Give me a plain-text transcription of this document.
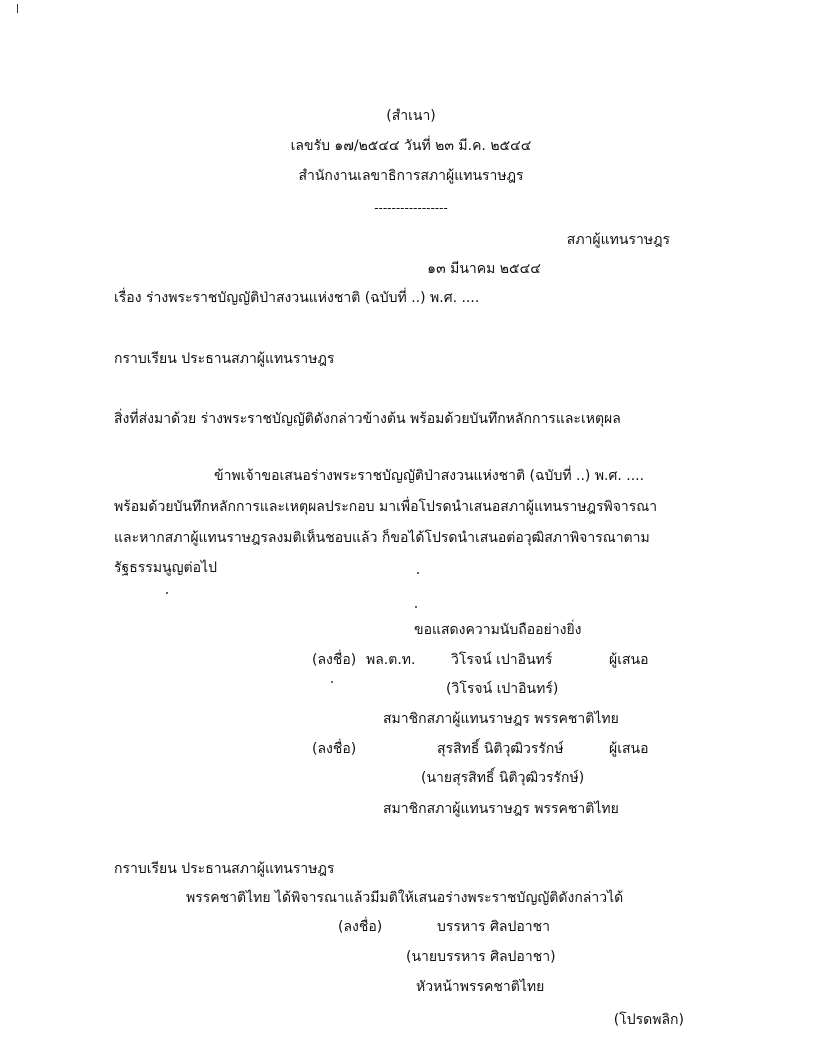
(สำเนา)
เลขรับ ๑๗/๒๕๔๔ วันที่ ๒๓ มี.ค. ๒๕๔๔
สำนักงานเลขาธิการสภาผู้แทนราษฎร
-----------------
สภาผู้แทนราษฎร
๑๓ มีนาคม ๒๕๔๔
เรื่อง ร่างพระราชบัญญัติป่าสงวนแห่งชาติ (ฉบับที่ ..) พ.ศ. ....
กราบเรียน ประธานสภาผู้แทนราษฎร
สิ่งที่ส่งมาด้วย ร่างพระราชบัญญัติดังกล่าวข้างต้น พร้อมด้วยบันทึกหลักการและเหตุผล
ข้าพเจ้าขอเสนอร่างพระราชบัญญัติป่าสงวนแห่งชาติ (ฉบับที่ ..) พ.ศ. ....
พร้อมด้วยบันทึกหลักการและเหตุผลประกอบ มาเพื่อโปรดนำเสนอสภาผู้แทนราษฎรพิจารณา
และหากสภาผู้แทนราษฎรลงมติเห็นชอบแล้ว ก็ขอได้โปรดนำเสนอต่อวุฒิสภาพิจารณาตาม
รัฐธรรมนูญต่อไป
ขอแสดงความนับถืออย่างยิ่ง
(ลงชื่อ) พล.ต.ท.	วิโรจน์ เปาอินทร์	ผู้เสนอ
(วิโรจน์ เปาอินทร์)
สมาชิกสภาผู้แทนราษฎร พรรคชาติไทย
(ลงชื่อ)	สุรสิทธิ์ นิติวุฒิวรรักษ์	ผู้เสนอ
(นายสุรสิทธิ์ นิติวุฒิวรรักษ์)
สมาชิกสภาผู้แทนราษฎร พรรคชาติไทย
กราบเรียน ประธานสภาผู้แทนราษฎร
พรรคชาติไทย ได้พิจารณาแล้วมีมติให้เสนอร่างพระราชบัญญัติดังกล่าวได้
(ลงชื่อ)	บรรหาร ศิลปอาชา
(นายบรรหาร ศิลปอาชา)
หัวหน้าพรรคชาติไทย
(โปรดพลิก)
